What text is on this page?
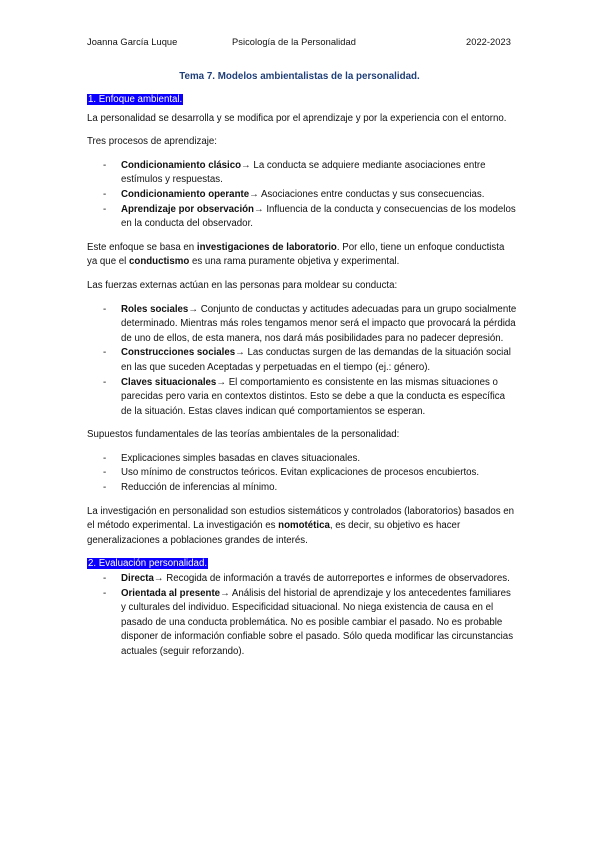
Joanna García Luque	Psicología de la Personalidad	2022-2023
Tema 7. Modelos ambientalistas de la personalidad.
1. Enfoque ambiental.

La personalidad se desarrolla y se modifica por el aprendizaje y por la experiencia con el entorno.

Tres procesos de aprendizaje:

- Condicionamiento clásico→ La conducta se adquiere mediante asociaciones entre estímulos y respuestas.
- Condicionamiento operante→ Asociaciones entre conductas y sus consecuencias.
- Aprendizaje por observación→ Influencia de la conducta y consecuencias de los modelos en la conducta del observador.

Este enfoque se basa en investigaciones de laboratorio. Por ello, tiene un enfoque conductista ya que el conductismo es una rama puramente objetiva y experimental.

Las fuerzas externas actúan en las personas para moldear su conducta:

- Roles sociales→ Conjunto de conductas y actitudes adecuadas para un grupo socialmente determinado. Mientras más roles tengamos menor será el impacto que provocará la pérdida de uno de ellos, de esta manera, nos dará más posibilidades para no padecer depresión.
- Construcciones sociales→ Las conductas surgen de las demandas de la situación social en las que suceden Aceptadas y perpetuadas en el tiempo (ej.: género).
- Claves situacionales→ El comportamiento es consistente en las mismas situaciones o parecidas pero varia en contextos distintos. Esto se debe a que la conducta es específica de la situación. Estas claves indican qué comportamientos se esperan.

Supuestos fundamentales de las teorías ambientales de la personalidad:

- Explicaciones simples basadas en claves situacionales.
- Uso mínimo de constructos teóricos. Evitan explicaciones de procesos encubiertos.
- Reducción de inferencias al mínimo.

La investigación en personalidad son estudios sistemáticos y controlados (laboratorios) basados en el método experimental. La investigación es nomotética, es decir, su objetivo es hacer generalizaciones a poblaciones grandes de interés.

2. Evaluación personalidad.
- Directa→ Recogida de información a través de autorreportes e informes de observadores.
- Orientada al presente→ Análisis del historial de aprendizaje y los antecedentes familiares y culturales del individuo. Especificidad situacional. No niega existencia de causa en el pasado de una conducta problemática. No es posible cambiar el pasado. No es probable disponer de información confiable sobre el pasado. Sólo queda modificar las circunstancias actuales (seguir reforzando).
